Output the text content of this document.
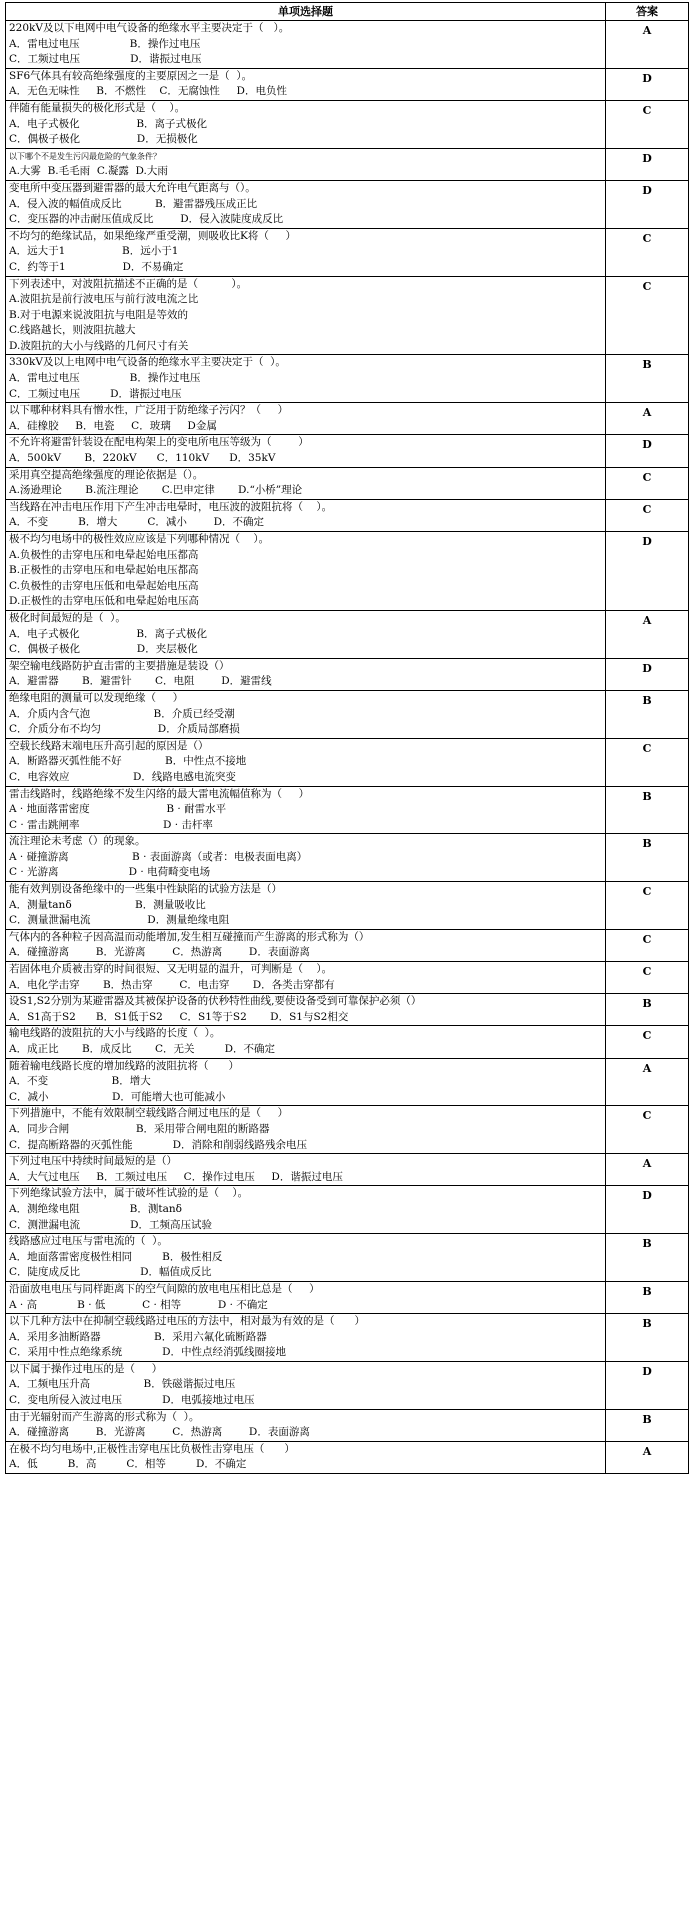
单项选择题	答案

220kV及以下电网中电气设备的绝缘水平主要决定于（   ）。
A．雷电过电压               B．操作过电压
C．工频过电压               D．谐振过电压	A

SF6气体具有较高绝缘强度的主要原因之一是（  ）。
A．无色无味性     B．不燃性    C．无腐蚀性     D．电负性	D

伴随有能量损失的极化形式是（    ）。
A．电子式极化                 B．离子式极化
C．偶极子极化                 D．无损极化	C

以下哪个不是发生污闪最危险的气象条件？
A.大雾  B.毛毛雨  C.凝露  D.大雨	D

变电所中变压器到避雷器的最大允许电气距离与（）。
A．侵入波的幅值成反比          B．避雷器残压成正比
C．变压器的冲击耐压值成反比        D．侵入波陡度成反比	D

不均匀的绝缘试品，如果绝缘严重受潮，则吸收比K将（     ）
A．远大于1                 B．远小于1
C．约等于1                 D．不易确定	C

下列表述中，对波阻抗描述不正确的是（          ）。
A.波阻抗是前行波电压与前行波电流之比
B.对于电源来说波阻抗与电阻是等效的
C.线路越长，则波阻抗越大
D.波阻抗的大小与线路的几何尺寸有关	C

330kV及以上电网中电气设备的绝缘水平主要决定于（  ）。
A．雷电过电压               B．操作过电压
C．工频过电压         D．谐振过电压	B

以下哪种材料具有憎水性，广泛用于防绝缘子污闪？（     ）
A．硅橡胶     B．电瓷     C．玻璃     D金属	A

不允许将避雷针装设在配电构架上的变电所电压等级为（        ）
A．500kV       B．220kV      C．110kV      D．35kV	D

采用真空提高绝缘强度的理论依据是（）。
A.汤逊理论       B.流注理论       C.巴申定律       D.“小桥”理论	C

当线路在冲击电压作用下产生冲击电晕时，电压波的波阻抗将（    ）。
A．不变         B．增大         C．减小        D．不确定	C

极不均匀电场中的极性效应应该是下列哪种情况（    ）。
A.负极性的击穿电压和电晕起始电压都高
B.正极性的击穿电压和电晕起始电压都高
C.负极性的击穿电压低和电晕起始电压高
D.正极性的击穿电压低和电晕起始电压高	D

极化时间最短的是（  ）。
A．电子式极化                 B．离子式极化
C．偶极子极化                 D．夹层极化	A

架空输电线路防护直击雷的主要措施是装设（）
A．避雷器       B．避雷针       C．电阻        D．避雷线	D

绝缘电阻的测量可以发现绝缘（     ）
A．介质内含气泡                   B．介质已经受潮
C．介质分布不均匀                 D．介质局部磨损	B

空载长线路末端电压升高引起的原因是（）
A．断路器灭弧性能不好             B．中性点不接地
C．电容效应                   D．线路电感电流突变	C

雷击线路时，线路绝缘不发生闪络的最大雷电流幅值称为（     ）
A · 地面落雷密度                       B · 耐雷水平
C · 雷击跳闸率                         D · 击杆率	B

流注理论未考虑（）的现象。
A · 碰撞游离                   B · 表面游离（或者：电极表面电离）
C · 光游离                     D · 电荷畸变电场	B

能有效判别设备绝缘中的一些集中性缺陷的试验方法是（）
A．测量tanδ                   B．测量吸收比
C．测量泄漏电流                 D．测量绝缘电阻	C

气体内的各种粒子因高温而动能增加,发生相互碰撞而产生游离的形式称为（）
A．碰撞游离        B．光游离        C．热游离        D．表面游离	C

若固体电介质被击穿的时间很短、又无明显的温升，可判断是（    ）。
A．电化学击穿       B．热击穿        C．电击穿       D．各类击穿都有	C

设S1,S2分别为某避雷器及其被保护设备的伏秒特性曲线,要使设备受到可靠保护必须（）
A．S1高于S2      B．S1低于S2     C．S1等于S2       D．S1与S2相交	B

输电线路的波阻抗的大小与线路的长度（  ）。
A．成正比       B．成反比       C．无关         D．不确定	C

随着输电线路长度的增加线路的波阻抗将（      ）
A．不变                   B．增大
C．减小                   D．可能增大也可能减小	A

下列措施中，不能有效限制空载线路合闸过电压的是（     ）
A．同步合闸                    B．采用带合闸电阻的断路器
C．提高断路器的灭弧性能            D．消除和削弱线路残余电压	C

下列过电压中持续时间最短的是（）
A．大气过电压     B．工频过电压     C．操作过电压     D．谐振过电压	A

下列绝缘试验方法中，属于破坏性试验的是（    ）。
A．测绝缘电阻               B．测tanδ
C．测泄漏电流               D．工频高压试验	D

线路感应过电压与雷电流的（  ）。
A．地面落雷密度极性相同         B．极性相反
C．陡度成反比                  D．幅值成反比	B

沿面放电电压与同样距离下的空气间隙的放电电压相比总是（     ）
A · 高            B · 低           C · 相等           D · 不确定	B

以下几种方法中在抑制空载线路过电压的方法中，相对最为有效的是（      ）
A．采用多油断路器                B．采用六氟化硫断路器
C．采用中性点绝缘系统            D．中性点经消弧线圈接地	B

以下属于操作过电压的是（     ）
A．工频电压升高                B．铁磁谐振过电压
C．变电所侵入波过电压            D．电弧接地过电压	D

由于光辐射而产生游离的形式称为（  ）。
A．碰撞游离        B．光游离        C．热游离        D．表面游离	B

在极不均匀电场中,正极性击穿电压比负极性击穿电压（      ）
A．低         B．高         C．相等         D．不确定	A
